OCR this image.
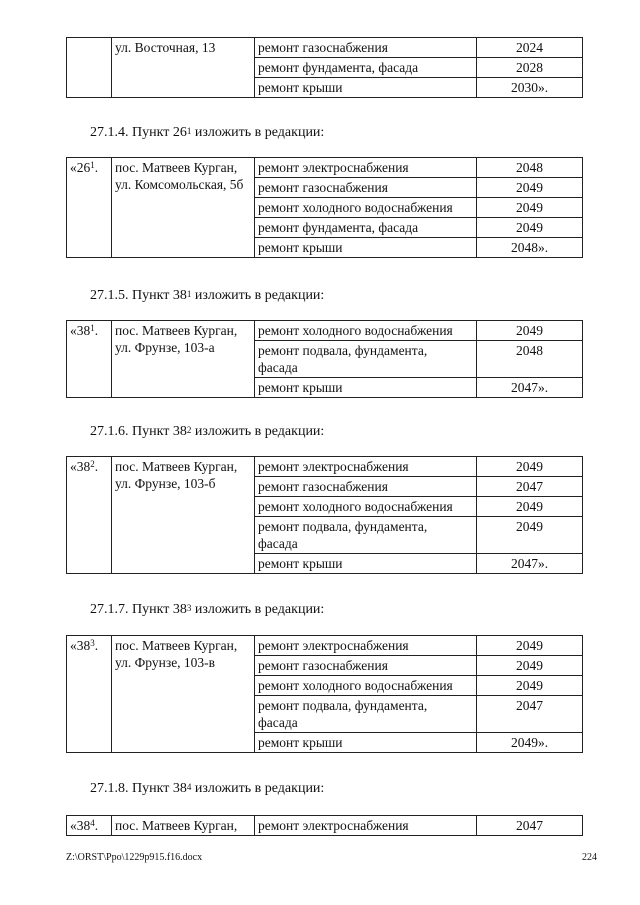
	ул. Восточная, 13	ремонт газоснабжения	2024

		ремонт фундамента, фасада	2028

		ремонт крыши	2030».
27.1.4. Пункт $26^1$ изложить в редакции:
«$26^1$.	пос. Матвеев Курган,
ул. Комсомольская, 5б	ремонт электроснабжения	2048

		ремонт газоснабжения	2049

		ремонт холодного водоснабжения	2049

		ремонт фундамента, фасада	2049

		ремонт крыши	2048».
27.1.5. Пункт $38^1$ изложить в редакции:
«$38^1$.	пос. Матвеев Курган,
ул. Фрунзе, 103-а	ремонт холодного водоснабжения	2049

		ремонт подвала, фундамента,
фасада	2048

		ремонт крыши	2047».
27.1.6. Пункт $38^2$ изложить в редакции:
«$38^2$.	пос. Матвеев Курган,
ул. Фрунзе, 103-б	ремонт электроснабжения	2049

		ремонт газоснабжения	2047

		ремонт холодного водоснабжения	2049

		ремонт подвала, фундамента,
фасада	2049

		ремонт крыши	2047».
27.1.7. Пункт $38^3$ изложить в редакции:
«$38^3$.	пос. Матвеев Курган,
ул. Фрунзе, 103-в	ремонт электроснабжения	2049

		ремонт газоснабжения	2049

		ремонт холодного водоснабжения	2049

		ремонт подвала, фундамента,
фасада	2047

		ремонт крыши	2049».
27.1.8. Пункт $38^4$ изложить в редакции:
«$38^4$.	пос. Матвеев Курган,	ремонт электроснабжения	2047
Z:\ORST\Ppo\1229p915.f16.docx	224
